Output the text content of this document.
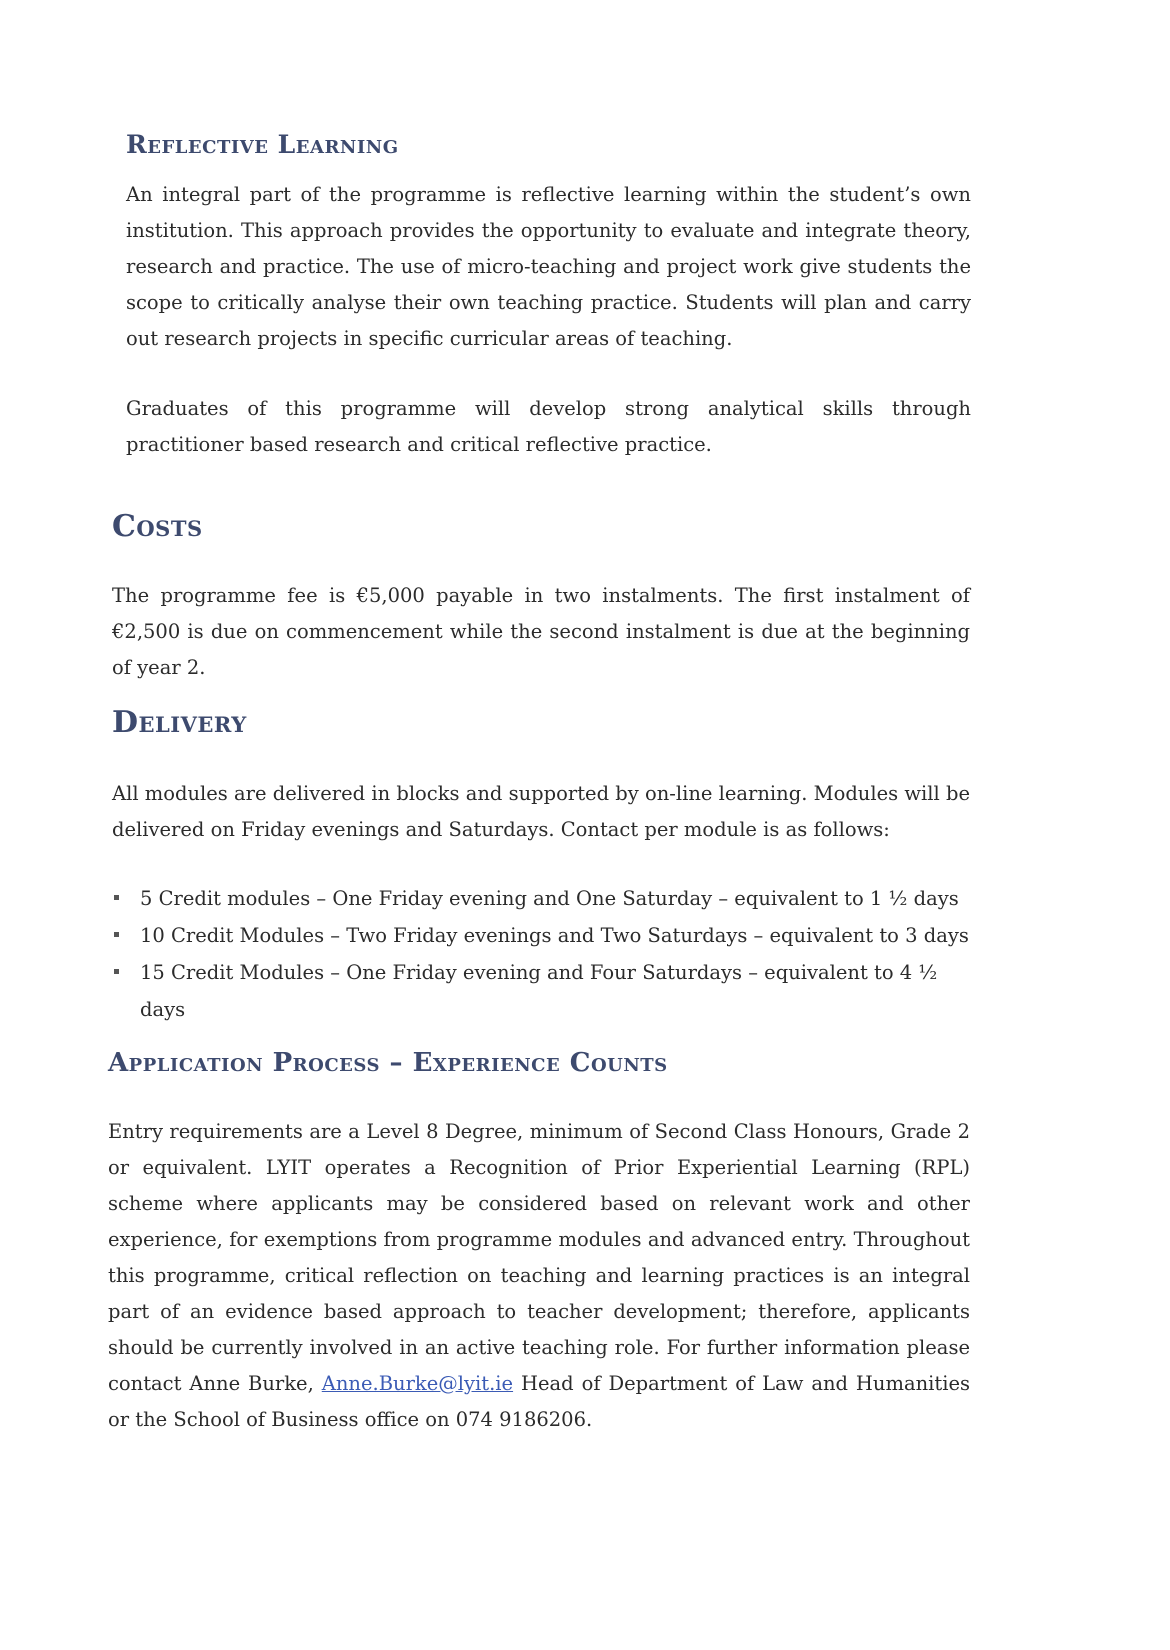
Reflective Learning

An integral part of the programme is reflective learning within the student’s own institution. This approach provides the opportunity to evaluate and integrate theory, research and practice. The use of micro-teaching and project work give students the scope to critically analyse their own teaching practice. Students will plan and carry out research projects in specific curricular areas of teaching.

Graduates of this programme will develop strong analytical skills through practitioner based research and critical reflective practice.

Costs

The programme fee is €5,000 payable in two instalments. The first instalment of €2,500 is due on commencement while the second instalment is due at the beginning of year 2.

Delivery

All modules are delivered in blocks and supported by on-line learning. Modules will be delivered on Friday evenings and Saturdays. Contact per module is as follows:

5 Credit modules – One Friday evening and One Saturday – equivalent to 1 ½ days
10 Credit Modules – Two Friday evenings and Two Saturdays – equivalent to 3 days
15 Credit Modules – One Friday evening and Four Saturdays – equivalent to 4 ½ days
Application Process – Experience Counts

Entry requirements are a Level 8 Degree, minimum of Second Class Honours, Grade 2 or equivalent. LYIT operates a Recognition of Prior Experiential Learning (RPL) scheme where applicants may be considered based on relevant work and other experience, for exemptions from programme modules and advanced entry. Throughout this programme, critical reflection on teaching and learning practices is an integral part of an evidence based approach to teacher development; therefore, applicants should be currently involved in an active teaching role. For further information please contact Anne Burke, Anne.Burke@lyit.ie Head of Department of Law and Humanities or the School of Business office on 074 9186206.
